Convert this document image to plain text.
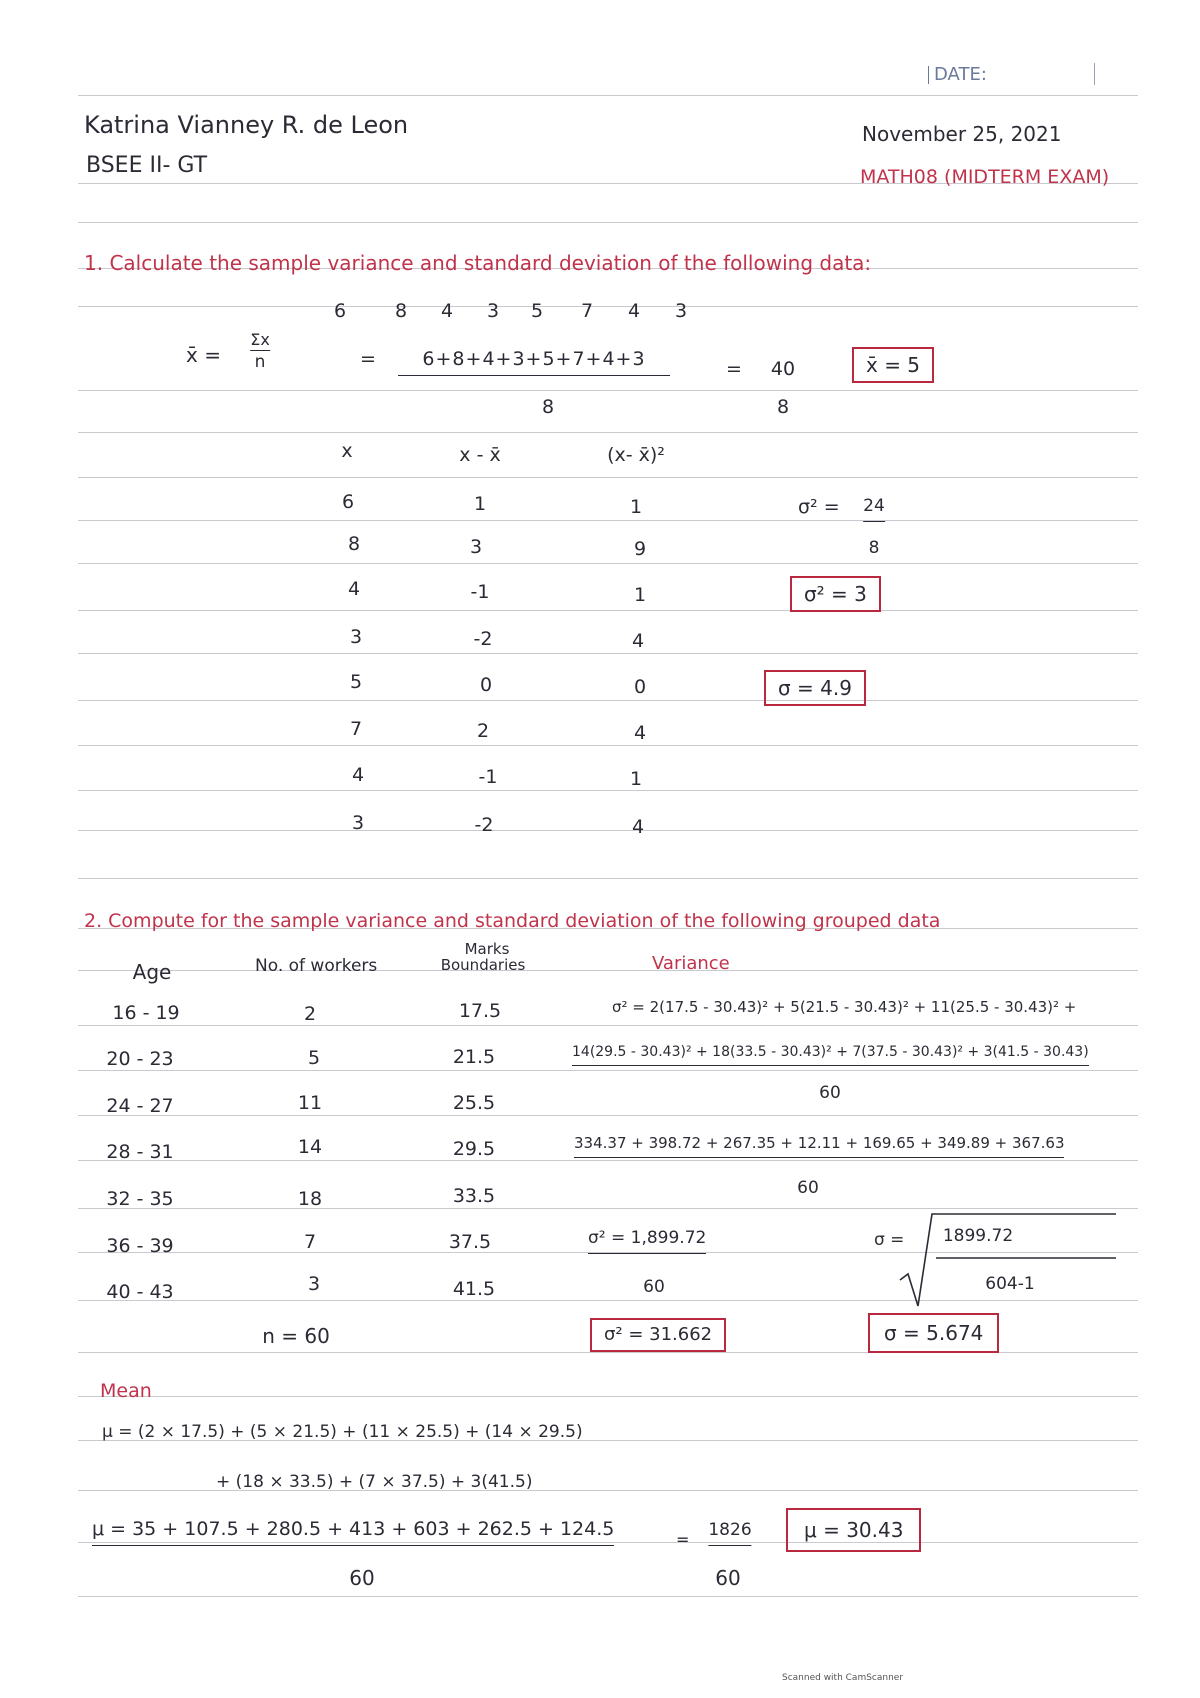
DATE:
Katrina Vianney R. de Leon
BSEE II- GT
November 25, 2021
MATH08 (MIDTERM EXAM)
1. Calculate the sample variance and standard deviation of the following data:
6	8 4 3 5 7 4 3
x̄ =
Σx
n	=	6+8+4+3+5+7+4+3
8
= 40
8
x̄ = 5
x	x - x̄	(x- x̄)²
6	1	1
8	3	9
4	-1	1
3	-2	4
5	0	0
7	2	4
4	-1	1
3	-2	4
σ² = 24
8
σ² = 3
σ = 4.9
2. Compute for the sample variance and standard deviation of the following grouped data
Age	No. of workers
Marks
Boundaries	Variance
16 - 19	2	17.5
20 - 23	5	21.5
24 - 27	11	25.5
28 - 31	14	29.5
32 - 35	18	33.5
36 - 39	7	37.5
40 - 43	3	41.5
n = 60
σ² = 2(17.5 - 30.43)² + 5(21.5 - 30.43)² + 11(25.5 - 30.43)² +
14(29.5 - 30.43)² + 18(33.5 - 30.43)² + 7(37.5 - 30.43)² + 3(41.5 - 30.43)
60
334.37 + 398.72 + 267.35 + 12.11 + 169.65 + 349.89 + 367.63
60
σ² = 1,899.72
60
σ = 1899.72
604-1
σ² = 31.662	σ = 5.674
Mean
μ = (2 × 17.5) + (5 × 21.5) + (11 × 25.5) + (14 × 29.5)
+ (18 × 33.5) + (7 × 37.5) + 3(41.5)
μ = 35 + 107.5 + 280.5 + 413 + 603 + 262.5 + 124.5
60
= 1826
60
μ = 30.43
Scanned with CamScanner
